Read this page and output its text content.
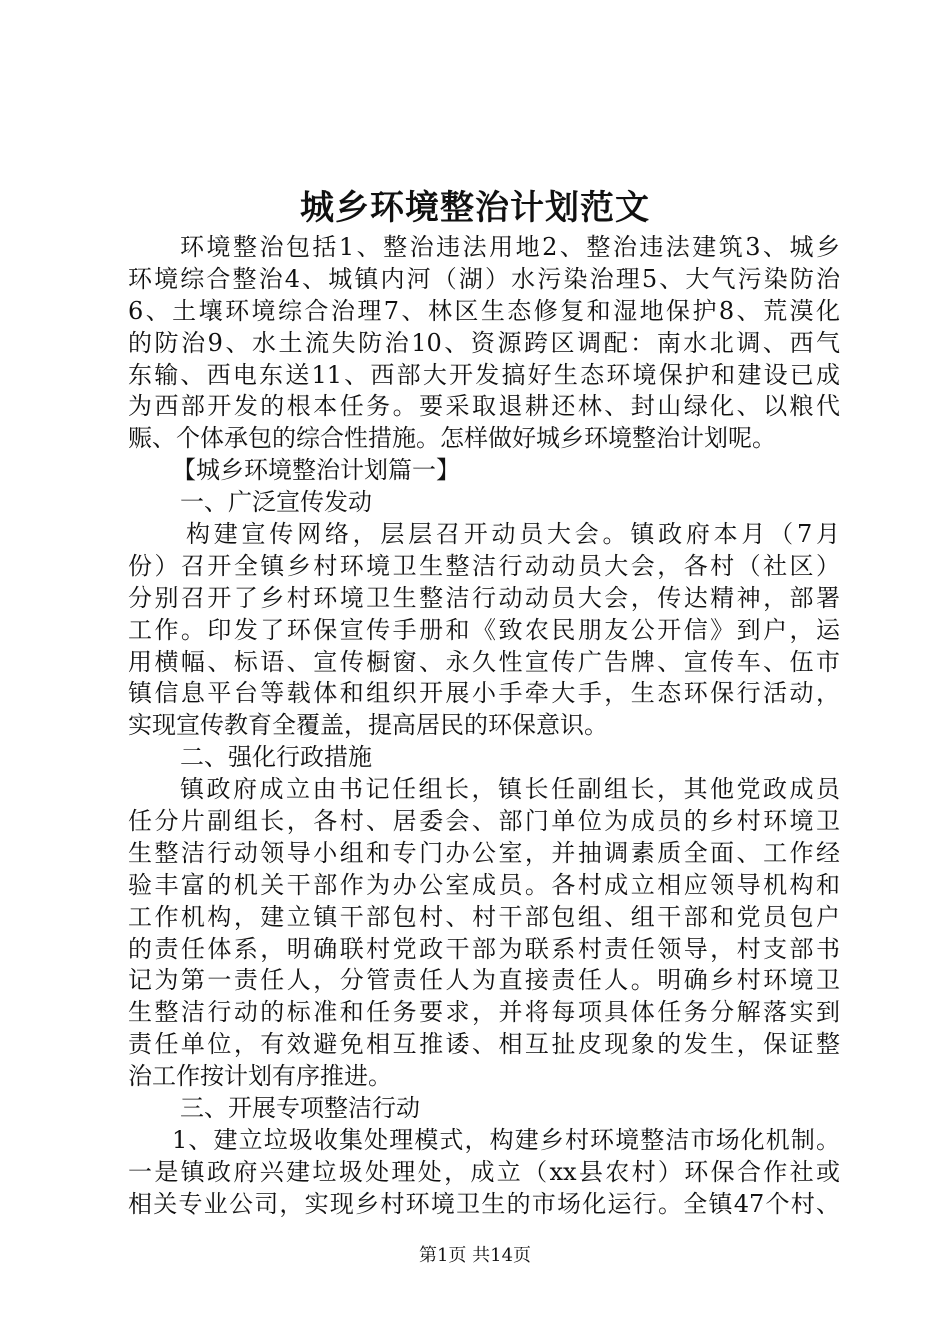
城乡环境整治计划范文
环境整治包括1、整治违法用地2、整治违法建筑3、城乡
环境综合整治4、城镇内河（湖）水污染治理5、大气污染防治
6、土壤环境综合治理7、林区生态修复和湿地保护8、荒漠化
的防治9、水土流失防治10、资源跨区调配：南水北调、西气
东输、西电东送11、西部大开发搞好生态环境保护和建设已成
为西部开发的根本任务。要采取退耕还林、封山绿化、以粮代
赈、个体承包的综合性措施。怎样做好城乡环境整治计划呢。
【城乡环境整治计划篇一】
一、广泛宣传发动
构建宣传网络，层层召开动员大会。镇政府本月（7月
份）召开全镇乡村环境卫生整洁行动动员大会，各村（社区）
分别召开了乡村环境卫生整洁行动动员大会，传达精神，部署
工作。印发了环保宣传手册和《致农民朋友公开信》到户，运
用横幅、标语、宣传橱窗、永久性宣传广告牌、宣传车、伍市
镇信息平台等载体和组织开展小手牵大手，生态环保行活动，
实现宣传教育全覆盖，提高居民的环保意识。
二、强化行政措施
镇政府成立由书记任组长，镇长任副组长，其他党政成员
任分片副组长，各村、居委会、部门单位为成员的乡村环境卫
生整洁行动领导小组和专门办公室，并抽调素质全面、工作经
验丰富的机关干部作为办公室成员。各村成立相应领导机构和
工作机构，建立镇干部包村、村干部包组、组干部和党员包户
的责任体系，明确联村党政干部为联系村责任领导，村支部书
记为第一责任人，分管责任人为直接责任人。明确乡村环境卫
生整洁行动的标准和任务要求，并将每项具体任务分解落实到
责任单位，有效避免相互推诿、相互扯皮现象的发生，保证整
治工作按计划有序推进。
三、开展专项整洁行动
1、建立垃圾收集处理模式，构建乡村环境整洁市场化机制。
一是镇政府兴建垃圾处理处，成立（xx县农村）环保合作社或
相关专业公司，实现乡村环境卫生的市场化运行。全镇47个村、
第1页 共14页
